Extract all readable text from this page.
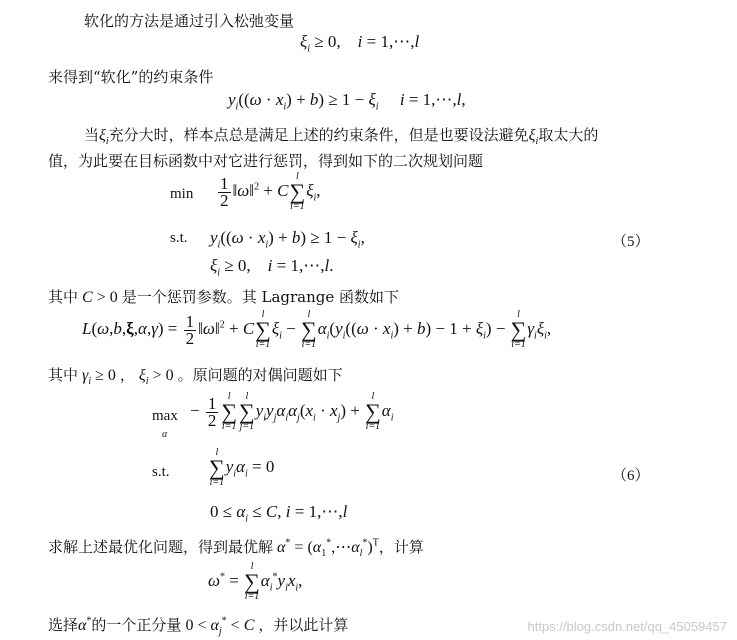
软化的方法是通过引入松弛变量
$\xi_i \ge 0$,    i = 1,⋯,l
来得到“软化”的约束条件
$y_i((\omega \cdot x_i) + b) \ge 1 - \xi_i$ i = 1,⋯,l,
当$\xi_i$充分大时，样本点总是满足上述的约束条件，但是也要设法避免$\xi_i$取太大的
值，为此要在目标函数中对它进行惩罚，得到如下的二次规划问题
$\min \frac{1}{2}$ ‖ω‖$^2$ + C
l
∑
i=1
$\xi_i$,
s.t. $y_i((\omega \cdot x_i) + b) \ge 1 - \xi_i$,	（5）
$\xi_i \ge 0$,    i = 1,⋯,l.
其中 C > 0 是一个惩罚参数。其 Lagrange 函数如下
$L(\omega,b,\xi,\alpha,\gamma) = \frac{1}{2}$ ‖ω‖$^2$ + C
l
∑
i=1
$\xi_i$ −
l
∑
i=1
$\alpha_i(y_i((\omega \cdot x_i) + b) - 1 + \xi_i)$ −
l
∑
i=1
$\gamma_i\xi_i$,
其中 $\gamma_i \ge 0$ ， $\xi_i > 0$ 。原问题的对偶问题如下
max
α
− $\frac{1}{2}$ l
∑
i=1
l
∑
j=1
$y_iy_j\alpha_i\alpha_j(x_i \cdot x_j)$ +
l
∑
i=1
$\alpha_i$
s.t.
l
∑
i=1
$y_i\alpha_i = 0$
（6）
$0 \le \alpha_i \le C$, i = 1,⋯,l
求解上述最优化问题，得到最优解 $\alpha^* = (\alpha_1^*,\cdots\alpha_l^*)^T$，计算
ω* =
l
∑
i=1
$\alpha_i^*y_ix_i$,
选择α*的一个正分量 $0 < \alpha_j^* < C$ ，并以此计算	https://blog.csdn.net/qq_45059457
